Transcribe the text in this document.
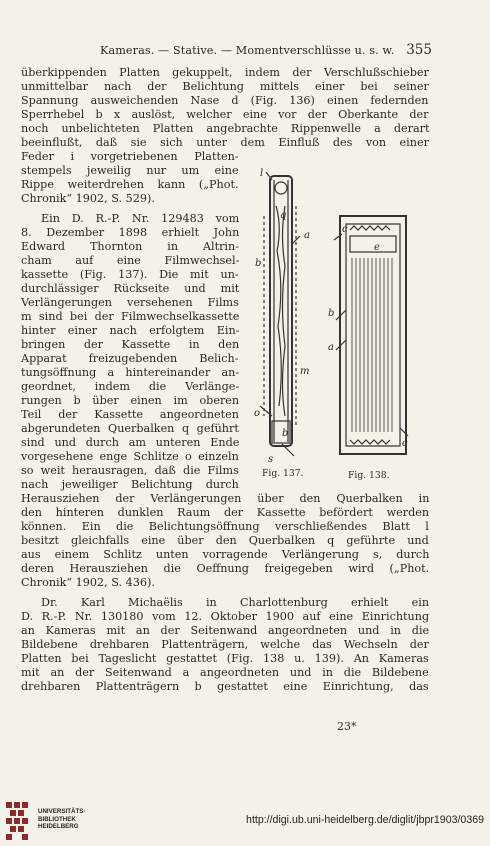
Kameras. — Stative. — Momentverschlüsse u. s. w. 355
überkippenden Platten gekuppelt, indem der Verschlußschieber
unmittelbar nach der Belichtung mittels einer bei seiner
Spannung ausweichenden Nase d (Fig. 136) einen federnden
Sperrhebel b x auslöst, welcher eine vor der Oberkante der
noch unbelichteten Platten angebrachte Rippenwelle a derart
beeinflußt, daß sie sich unter dem Einfluß des von einer
Feder i vorgetriebenen Platten-
stempels jeweilig nur um eine
Rippe weiterdrehen kann („Phot.
Chronik“ 1902, S. 529).
Ein D. R.-P. Nr. 129483 vom
8. Dezember 1898 erhielt John
Edward Thornton in Altrin-
cham auf eine Filmwechsel-
kassette (Fig. 137). Die mit un-
durchlässiger Rückseite und mit
Verlängerungen versehenen Films
m sind bei der Filmwechselkassette
hinter einer nach erfolgtem Ein-
bringen der Kassette in den
Apparat freizugebenden Belich-
tungsöffnung a hintereinander an-
geordnet, indem die Verlänge-
rungen b über einen im oberen
Teil der Kassette angeordneten
abgerundeten Querbalken q geführt
sind und durch am unteren Ende
vorgesehene enge Schlitze o einzeln
so weit herausragen, daß die Films
nach jeweiliger Belichtung durch
Herausziehen der Verlängerungen über den Querbalken in
den hinteren dunklen Raum der Kassette befördert werden
können. Ein die Belichtungsöffnung verschließendes Blatt l
besitzt gleichfalls eine über den Querbalken q geführte und
aus einem Schlitz unten vorragende Verlängerung s, durch
deren Herausziehen die Oeffnung freigegeben wird („Phot.
Chronik“ 1902, S. 436).
Dr. Karl Michaëlis in Charlottenburg erhielt ein
D. R.-P. Nr. 130180 vom 12. Oktober 1900 auf eine Einrichtung
an Kameras mit an der Seitenwand angeordneten und in die
Bildebene drehbaren Plattenträgern, welche das Wechseln der
Platten bei Tageslicht gestattet (Fig. 138 u. 139). An Kameras
mit an der Seitenwand a angeordneten und in die Bildebene
drehbaren Plattenträgern b gestattet eine Einrichtung, das
l
q
a
b
m
o
b
s
Fig. 137.
c
e
b
a
c
Fig. 138.
23*
UNIVERSITÄTS-
BIBLIOTHEK
HEIDELBERG
http://digi.ub.uni-heidelberg.de/diglit/jbpr1903/0369
